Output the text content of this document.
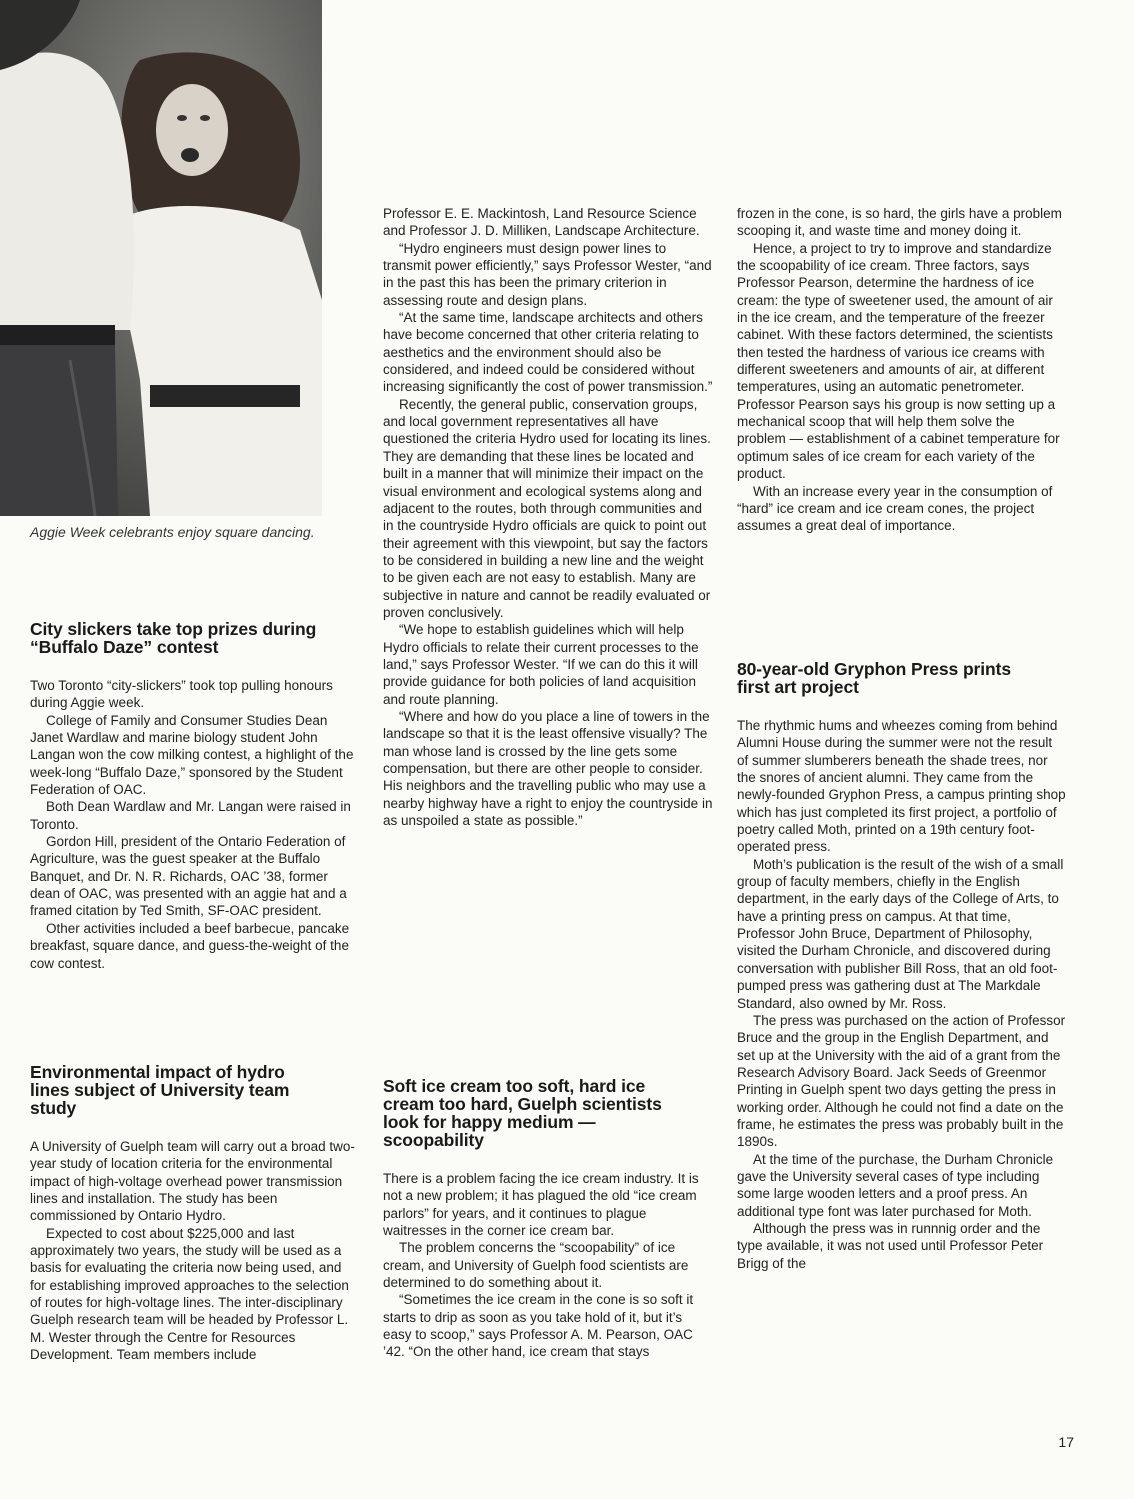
Aggie Week celebrants enjoy square dancing.
City slickers take top prizes during “Buffalo Daze” contest

Two Toronto “city-slickers” took top pulling honours during Aggie week.

College of Family and Consumer Studies Dean Janet Wardlaw and marine biology student John Langan won the cow milking contest, a highlight of the week-long “Buffalo Daze,” sponsored by the Student Federation of OAC.

Both Dean Wardlaw and Mr. Langan were raised in Toronto.

Gordon Hill, president of the Ontario Federation of Agriculture, was the guest speaker at the Buffalo Banquet, and Dr. N. R. Richards, OAC ’38, former dean of OAC, was presented with an aggie hat and a framed citation by Ted Smith, SF-OAC president.

Other activities included a beef barbecue, pancake breakfast, square dance, and guess-the-weight of the cow contest.

Environmental impact of hydro lines subject of University team study

A University of Guelph team will carry out a broad two-year study of location criteria for the environmental impact of high-voltage overhead power transmission lines and installation. The study has been commissioned by Ontario Hydro.

Expected to cost about $225,000 and last approximately two years, the study will be used as a basis for evaluating the criteria now being used, and for establishing improved approaches to the selection of routes for high-voltage lines. The inter-disciplinary Guelph research team will be headed by Professor L. M. Wester through the Centre for Resources Development. Team members include

Professor E. E. Mackintosh, Land Resource Science and Professor J. D. Milliken, Landscape Architecture.

“Hydro engineers must design power lines to transmit power efficiently,” says Professor Wester, “and in the past this has been the primary criterion in assessing route and design plans.

“At the same time, landscape architects and others have become concerned that other criteria relating to aesthetics and the environment should also be considered, and indeed could be considered without increasing significantly the cost of power transmission.”

Recently, the general public, conservation groups, and local government representatives all have questioned the criteria Hydro used for locating its lines. They are demanding that these lines be located and built in a manner that will minimize their impact on the visual environment and ecological systems along and adjacent to the routes, both through communities and in the countryside Hydro officials are quick to point out their agreement with this viewpoint, but say the factors to be considered in building a new line and the weight to be given each are not easy to establish. Many are subjective in nature and cannot be readily evaluated or proven conclusively.

“We hope to establish guidelines which will help Hydro officials to relate their current processes to the land,” says Professor Wester. “If we can do this it will provide guidance for both policies of land acquisition and route planning.

“Where and how do you place a line of towers in the landscape so that it is the least offensive visually? The man whose land is crossed by the line gets some compensation, but there are other people to consider. His neighbors and the travelling public who may use a nearby highway have a right to enjoy the countryside in as unspoiled a state as possible.”

Soft ice cream too soft, hard ice cream too hard, Guelph scientists look for happy medium — scoopability

There is a problem facing the ice cream industry. It is not a new problem; it has plagued the old “ice cream parlors” for years, and it continues to plague waitresses in the corner ice cream bar.

The problem concerns the “scoopability” of ice cream, and University of Guelph food scientists are determined to do something about it.

“Sometimes the ice cream in the cone is so soft it starts to drip as soon as you take hold of it, but it’s easy to scoop,” says Professor A. M. Pearson, OAC ’42. “On the other hand, ice cream that stays

frozen in the cone, is so hard, the girls have a problem scooping it, and waste time and money doing it.

Hence, a project to try to improve and standardize the scoopability of ice cream. Three factors, says Professor Pearson, determine the hardness of ice cream: the type of sweetener used, the amount of air in the ice cream, and the temperature of the freezer cabinet. With these factors determined, the scientists then tested the hardness of various ice creams with different sweeteners and amounts of air, at different temperatures, using an automatic penetrometer. Professor Pearson says his group is now setting up a mechanical scoop that will help them solve the problem — establishment of a cabinet temperature for optimum sales of ice cream for each variety of the product.

With an increase every year in the consumption of “hard” ice cream and ice cream cones, the project assumes a great deal of importance.

80-year-old Gryphon Press prints first art project

The rhythmic hums and wheezes coming from behind Alumni House during the summer were not the result of summer slumberers beneath the shade trees, nor the snores of ancient alumni. They came from the newly-founded Gryphon Press, a campus printing shop which has just completed its first project, a portfolio of poetry called Moth, printed on a 19th century foot-operated press.

Moth’s publication is the result of the wish of a small group of faculty members, chiefly in the English department, in the early days of the College of Arts, to have a printing press on campus. At that time, Professor John Bruce, Department of Philosophy, visited the Durham Chronicle, and discovered during conversation with publisher Bill Ross, that an old foot-pumped press was gathering dust at The Markdale Standard, also owned by Mr. Ross.

The press was purchased on the action of Professor Bruce and the group in the English Department, and set up at the University with the aid of a grant from the Research Advisory Board. Jack Seeds of Greenmor Printing in Guelph spent two days getting the press in working order. Although he could not find a date on the frame, he estimates the press was probably built in the 1890s.

At the time of the purchase, the Durham Chronicle gave the University several cases of type including some large wooden letters and a proof press. An additional type font was later purchased for Moth.

Although the press was in runnnig order and the type available, it was not used until Professor Peter Brigg of the

17
